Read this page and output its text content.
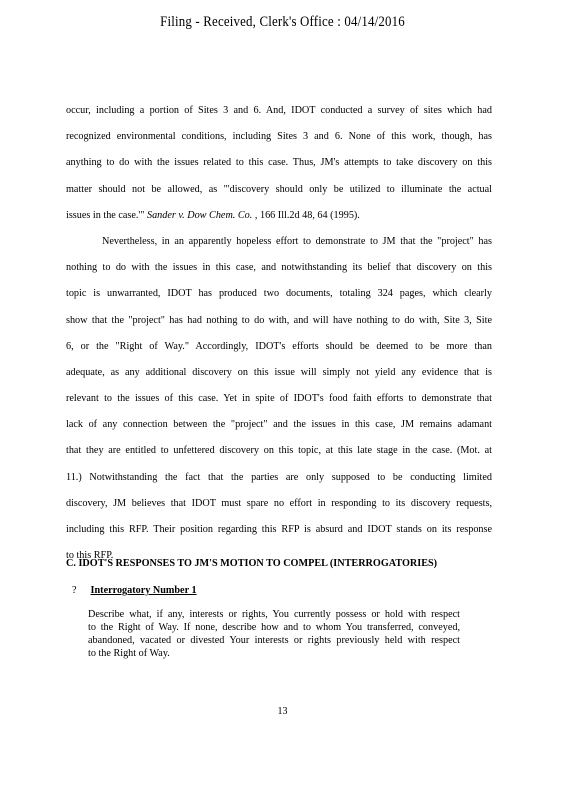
Filing - Received, Clerk's Office : 04/14/2016
occur, including a portion of Sites 3 and 6. And, IDOT conducted a survey of sites which had
recognized environmental conditions, including Sites 3 and 6. None of this work, though, has
anything to do with the issues related to this case. Thus, JM's attempts to take discovery on this
matter should not be allowed, as "'discovery should only be utilized to illuminate the actual
issues in the case.'" Sander v. Dow Chem. Co. , 166 Ill.2d 48, 64 (1995).
Nevertheless, in an apparently hopeless effort to demonstrate to JM that the "project" has
nothing to do with the issues in this case, and notwithstanding its belief that discovery on this
topic is unwarranted, IDOT has produced two documents, totaling 324 pages, which clearly
show that the "project" has had nothing to do with, and will have nothing to do with, Site 3, Site
6, or the "Right of Way." Accordingly, IDOT's efforts should be deemed to be more than
adequate, as any additional discovery on this issue will simply not yield any evidence that is
relevant to the issues of this case. Yet in spite of IDOT's food faith efforts to demonstrate that
lack of any connection between the "project" and the issues in this case, JM remains adamant
that they are entitled to unfettered discovery on this topic, at this late stage in the case. (Mot. at
11.) Notwithstanding the fact that the parties are only supposed to be conducting limited
discovery, JM believes that IDOT must spare no effort in responding to its discovery requests,
including this RFP. Their position regarding this RFP is absurd and IDOT stands on its response
to this RFP.
C. IDOT'S RESPONSES TO JM'S MOTION TO COMPEL (INTERROGATORIES)
? Interrogatory Number 1
Describe what, if any, interests or rights, You currently possess or hold with respect
to the Right of Way. If none, describe how and to whom You transferred, conveyed,
abandoned, vacated or divested Your interests or rights previously held with respect
to the Right of Way.
13
